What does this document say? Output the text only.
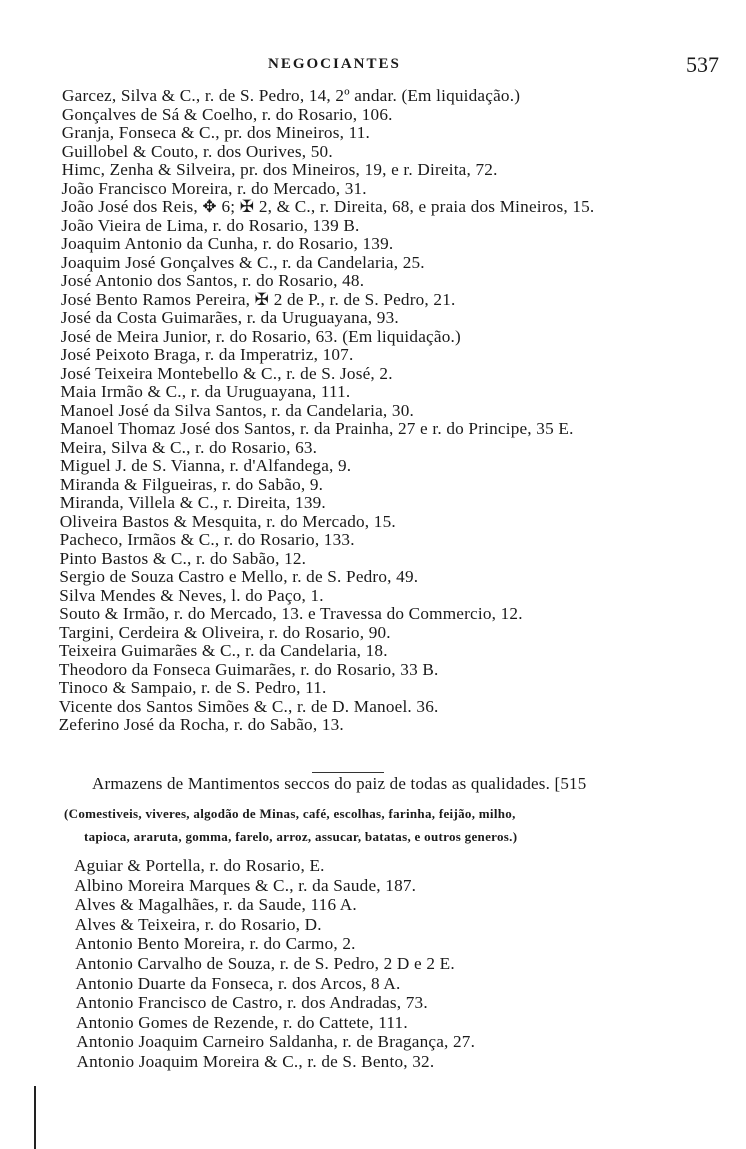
NEGOCIANTES	537
Garcez, Silva & C., r. de S. Pedro, 14, 2º andar. (Em liquidação.)
Gonçalves de Sá & Coelho, r. do Rosario, 106.
Granja, Fonseca & C., pr. dos Mineiros, 11.
Guillobel & Couto, r. dos Ourives, 50.
Himc, Zenha & Silveira, pr. dos Mineiros, 19, e r. Direita, 72.
João Francisco Moreira, r. do Mercado, 31.
João José dos Reis, ✥ 6; ✠ 2, & C., r. Direita, 68, e praia dos Mineiros, 15.
João Vieira de Lima, r. do Rosario, 139 B.
Joaquim Antonio da Cunha, r. do Rosario, 139.
Joaquim José Gonçalves & C., r. da Candelaria, 25.
José Antonio dos Santos, r. do Rosario, 48.
José Bento Ramos Pereira, ✠ 2 de P., r. de S. Pedro, 21.
José da Costa Guimarães, r. da Uruguayana, 93.
José de Meira Junior, r. do Rosario, 63. (Em liquidação.)
José Peixoto Braga, r. da Imperatriz, 107.
José Teixeira Montebello & C., r. de S. José, 2.
Maia Irmão & C., r. da Uruguayana, 111.
Manoel José da Silva Santos, r. da Candelaria, 30.
Manoel Thomaz José dos Santos, r. da Prainha, 27 e r. do Principe, 35 E.
Meira, Silva & C., r. do Rosario, 63.
Miguel J. de S. Vianna, r. d'Alfandega, 9.
Miranda & Filgueiras, r. do Sabão, 9.
Miranda, Villela & C., r. Direita, 139.
Oliveira Bastos & Mesquita, r. do Mercado, 15.
Pacheco, Irmãos & C., r. do Rosario, 133.
Pinto Bastos & C., r. do Sabão, 12.
Sergio de Souza Castro e Mello, r. de S. Pedro, 49.
Silva Mendes & Neves, l. do Paço, 1.
Souto & Irmão, r. do Mercado, 13. e Travessa do Commercio, 12.
Targini, Cerdeira & Oliveira, r. do Rosario, 90.
Teixeira Guimarães & C., r. da Candelaria, 18.
Theodoro da Fonseca Guimarães, r. do Rosario, 33 B.
Tinoco & Sampaio, r. de S. Pedro, 11.
Vicente dos Santos Simões & C., r. de D. Manoel. 36.
Zeferino José da Rocha, r. do Sabão, 13.
Armazens de Mantimentos seccos do paiz de todas as qualidades. [515
(Comestiveis, viveres, algodão de Minas, café, escolhas, farinha, feijão, milho,
tapioca, araruta, gomma, farelo, arroz, assucar, batatas, e outros generos.)
Aguiar & Portella, r. do Rosario, E.
Albino Moreira Marques & C., r. da Saude, 187.
Alves & Magalhães, r. da Saude, 116 A.
Alves & Teixeira, r. do Rosario, D.
Antonio Bento Moreira, r. do Carmo, 2.
Antonio Carvalho de Souza, r. de S. Pedro, 2 D e 2 E.
Antonio Duarte da Fonseca, r. dos Arcos, 8 A.
Antonio Francisco de Castro, r. dos Andradas, 73.
Antonio Gomes de Rezende, r. do Cattete, 111.
Antonio Joaquim Carneiro Saldanha, r. de Bragança, 27.
Antonio Joaquim Moreira & C., r. de S. Bento, 32.
